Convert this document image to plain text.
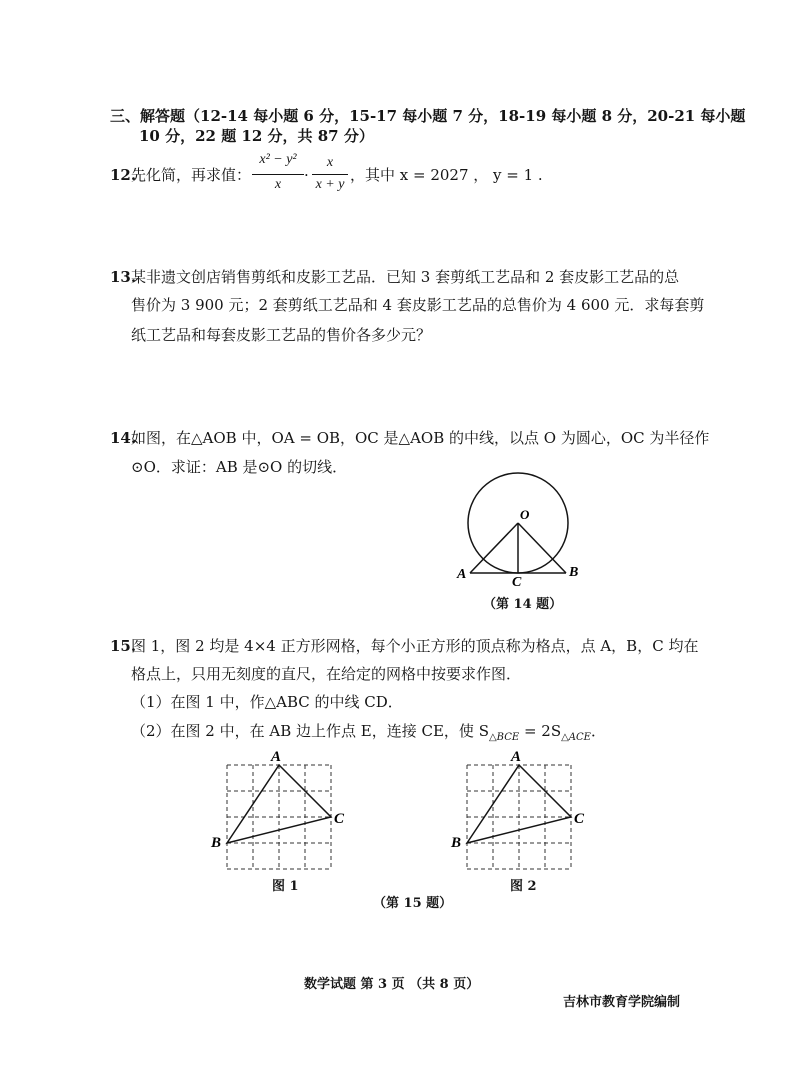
三、解答题（12-14 每小题 6 分，15-17 每小题 7 分，18-19 每小题 8 分，20-21 每小题
10 分，22 题 12 分，共 87 分）
12.
先化简，再求值：
x² − y²
x
·
x
x + y
，其中 x = 2027 ， y = 1 .
13.
某非遗文创店销售剪纸和皮影工艺品．已知 3 套剪纸工艺品和 2 套皮影工艺品的总
售价为 3 900 元；2 套剪纸工艺品和 4 套皮影工艺品的总售价为 4 600 元．求每套剪
纸工艺品和每套皮影工艺品的售价各多少元？
14.
如图，在△AOB 中，OA = OB，OC 是△AOB 的中线，以点 O 为圆心，OC 为半径作
⊙O．求证：AB 是⊙O 的切线．
O
A	B
C
（第 14 题）
15.
图 1，图 2 均是 4×4 正方形网格，每个小正方形的顶点称为格点，点 A，B，C 均在
格点上，只用无刻度的直尺，在给定的网格中按要求作图．
（1）在图 1 中，作△ABC 的中线 CD．
（2）在图 2 中，在 AB 边上作点 E，连接 CE，使 $S_{\triangle BCE} = 2S_{\triangle ACE}$．
A
B
C
图 1
A
B
C
图 2
（第 15 题）
数学试题 第 3 页 （共 8 页）
吉林市教育学院编制
